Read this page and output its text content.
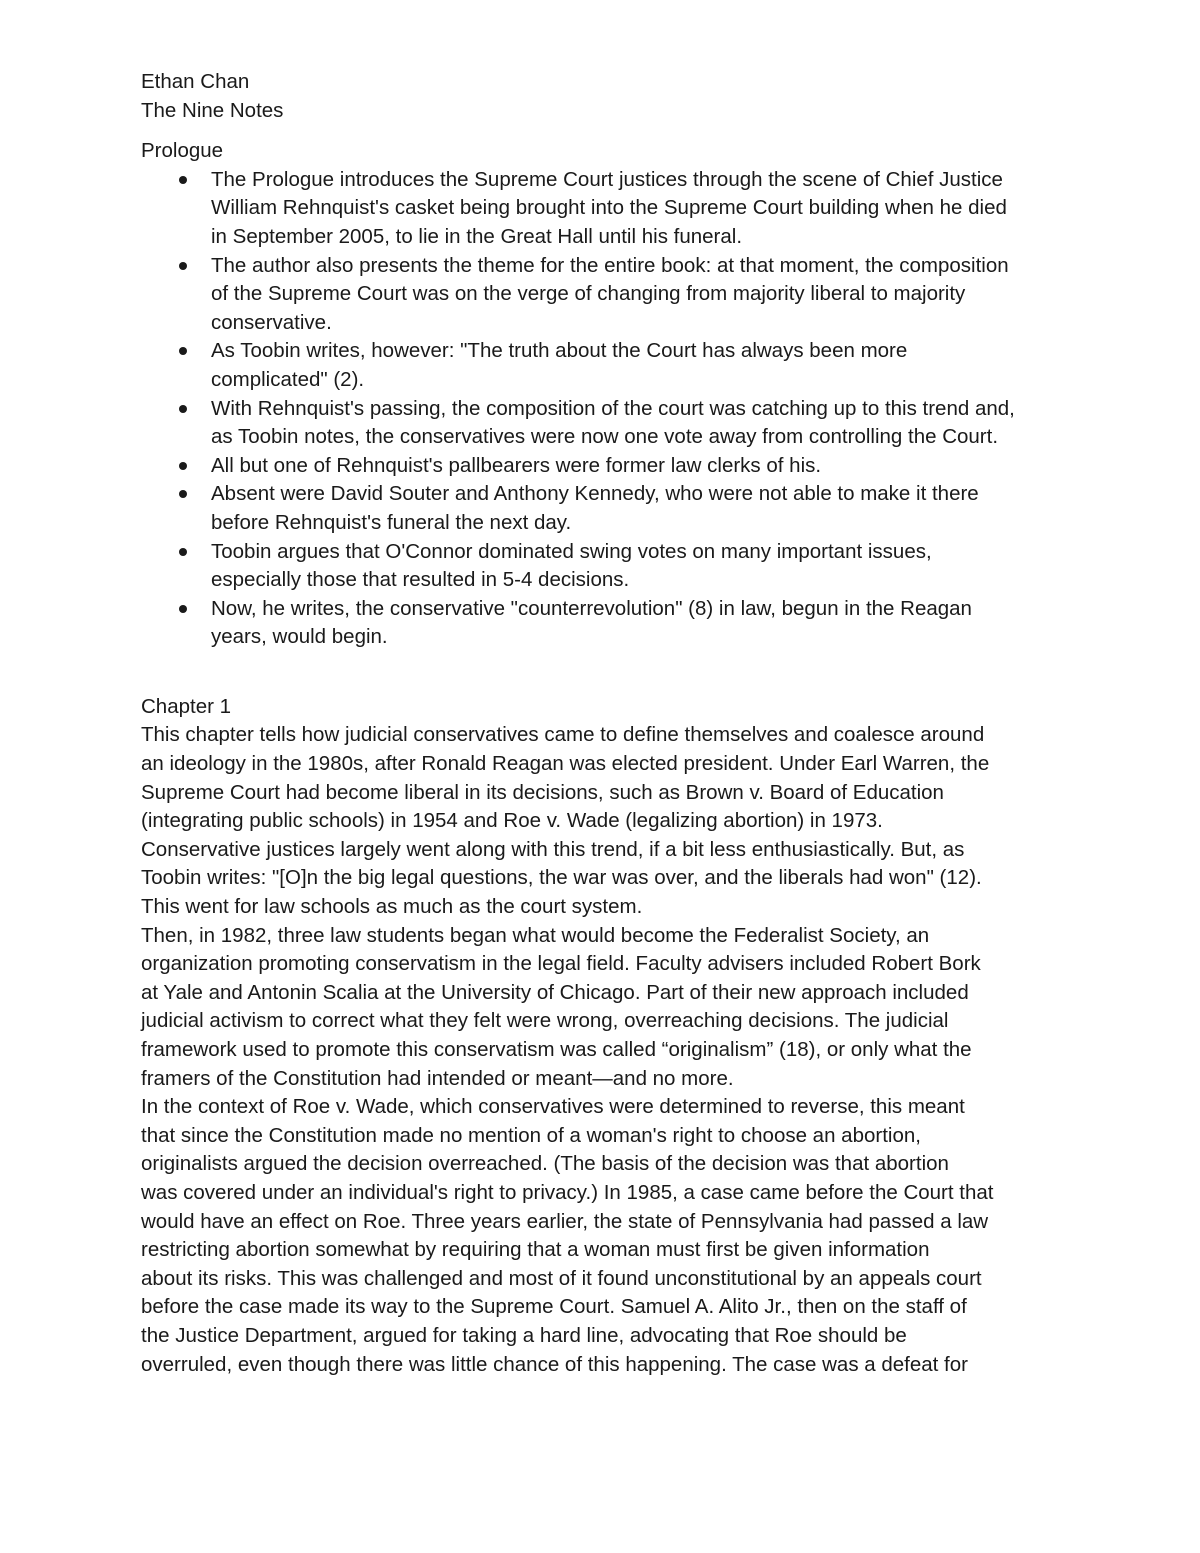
Ethan Chan
The Nine Notes
Prologue
The Prologue introduces the Supreme Court justices through the scene of Chief Justice
William Rehnquist's casket being brought into the Supreme Court building when he died
in September 2005, to lie in the Great Hall until his funeral.
The author also presents the theme for the entire book: at that moment, the composition
of the Supreme Court was on the verge of changing from majority liberal to majority
conservative.
As Toobin writes, however: "The truth about the Court has always been more
complicated" (2).
With Rehnquist's passing, the composition of the court was catching up to this trend and,
as Toobin notes, the conservatives were now one vote away from controlling the Court.
All but one of Rehnquist's pallbearers were former law clerks of his.
Absent were David Souter and Anthony Kennedy, who were not able to make it there
before Rehnquist's funeral the next day.
Toobin argues that O'Connor dominated swing votes on many important issues,
especially those that resulted in 5-4 decisions.
Now, he writes, the conservative "counterrevolution" (8) in law, begun in the Reagan
years, would begin.
Chapter 1
This chapter tells how judicial conservatives came to define themselves and coalesce around
an ideology in the 1980s, after Ronald Reagan was elected president. Under Earl Warren, the
Supreme Court had become liberal in its decisions, such as Brown v. Board of Education
(integrating public schools) in 1954 and Roe v. Wade (legalizing abortion) in 1973.
Conservative justices largely went along with this trend, if a bit less enthusiastically. But, as
Toobin writes: "[O]n the big legal questions, the war was over, and the liberals had won" (12).
This went for law schools as much as the court system.
Then, in 1982, three law students began what would become the Federalist Society, an
organization promoting conservatism in the legal field. Faculty advisers included Robert Bork
at Yale and Antonin Scalia at the University of Chicago. Part of their new approach included
judicial activism to correct what they felt were wrong, overreaching decisions. The judicial
framework used to promote this conservatism was called “originalism” (18), or only what the
framers of the Constitution had intended or meant—and no more.
In the context of Roe v. Wade, which conservatives were determined to reverse, this meant
that since the Constitution made no mention of a woman's right to choose an abortion,
originalists argued the decision overreached. (The basis of the decision was that abortion
was covered under an individual's right to privacy.) In 1985, a case came before the Court that
would have an effect on Roe. Three years earlier, the state of Pennsylvania had passed a law
restricting abortion somewhat by requiring that a woman must first be given information
about its risks. This was challenged and most of it found unconstitutional by an appeals court
before the case made its way to the Supreme Court. Samuel A. Alito Jr., then on the staff of
the Justice Department, argued for taking a hard line, advocating that Roe should be
overruled, even though there was little chance of this happening. The case was a defeat for
